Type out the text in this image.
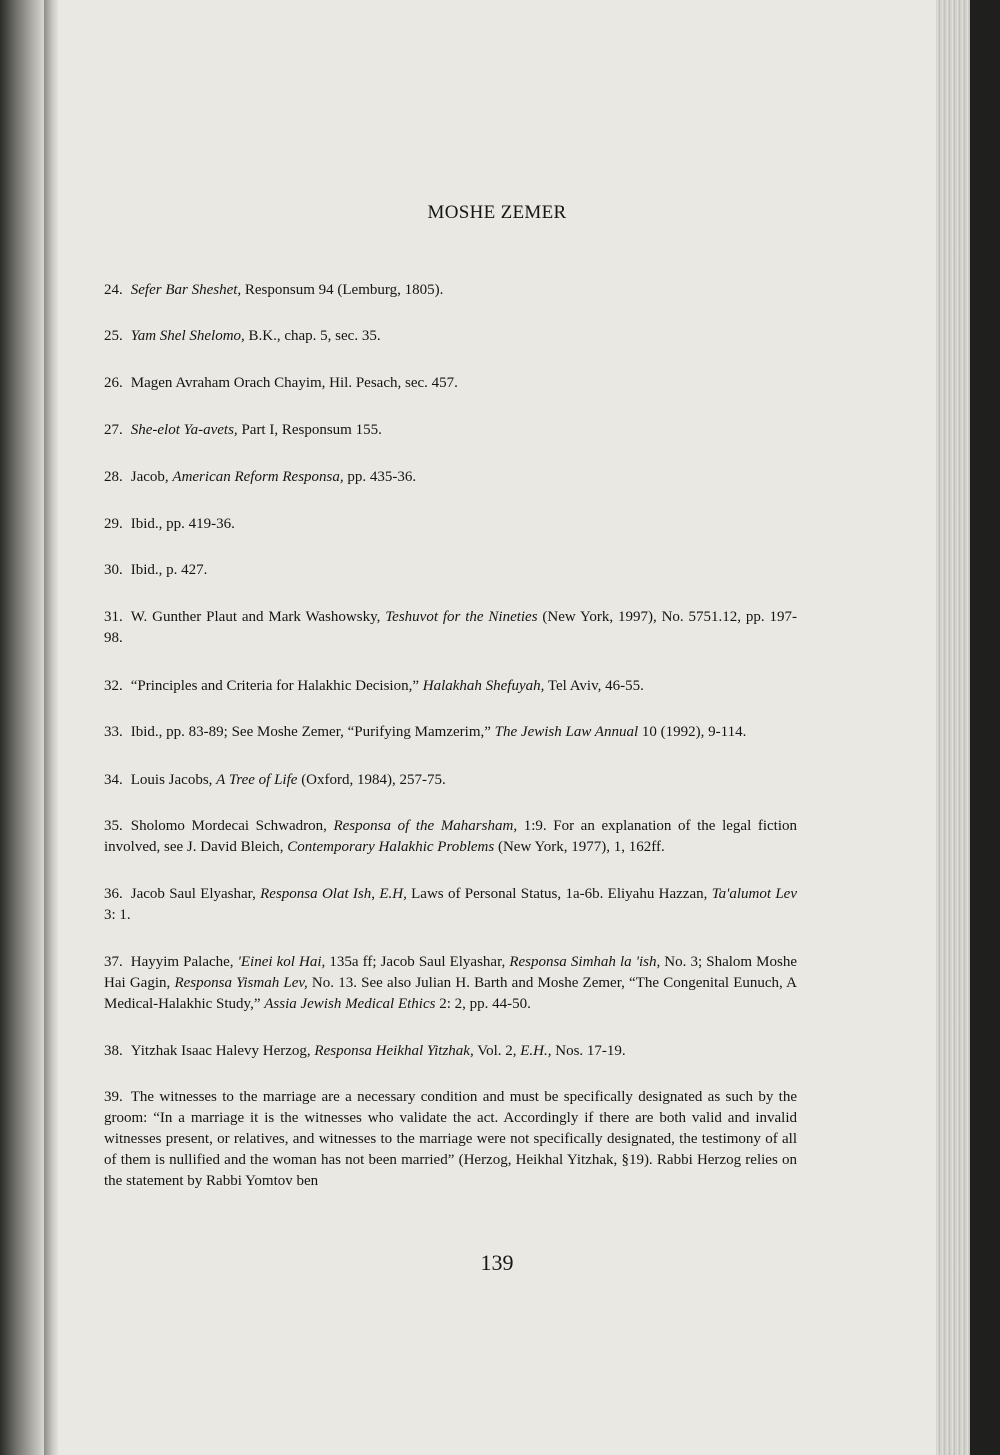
MOSHE ZEMER

24. Sefer Bar Sheshet, Responsum 94 (Lemburg, 1805).

25. Yam Shel Shelomo, B.K., chap. 5, sec. 35.

26. Magen Avraham Orach Chayim, Hil. Pesach, sec. 457.

27. She-elot Ya-avets, Part I, Responsum 155.

28. Jacob, American Reform Responsa, pp. 435-36.

29. Ibid., pp. 419-36.

30. Ibid., p. 427.

31. W. Gunther Plaut and Mark Washowsky, Teshuvot for the Nineties (New York, 1997), No. 5751.12, pp. 197-98.

32. “Principles and Criteria for Halakhic Decision,” Halakhah Shefuyah, Tel Aviv, 46-55.

33. Ibid., pp. 83-89; See Moshe Zemer, “Purifying Mamzerim,” The Jewish Law Annual 10 (1992), 9-114.

34. Louis Jacobs, A Tree of Life (Oxford, 1984), 257-75.

35. Sholomo Mordecai Schwadron, Responsa of the Maharsham, 1:9. For an explanation of the legal fiction involved, see J. David Bleich, Contemporary Halakhic Problems (New York, 1977), 1, 162ff.

36. Jacob Saul Elyashar, Responsa Olat Ish, E.H, Laws of Personal Status, 1a-6b. Eliyahu Hazzan, Ta'alumot Lev 3: 1.

37. Hayyim Palache, 'Einei kol Hai, 135a ff; Jacob Saul Elyashar, Responsa Simhah la 'ish, No. 3; Shalom Moshe Hai Gagin, Responsa Yismah Lev, No. 13. See also Julian H. Barth and Moshe Zemer, “The Congenital Eunuch, A Medical-Halakhic Study,” Assia Jewish Medical Ethics 2: 2, pp. 44-50.

38. Yitzhak Isaac Halevy Herzog, Responsa Heikhal Yitzhak, Vol. 2, E.H., Nos. 17-19.

39. The witnesses to the marriage are a necessary condition and must be specifically designated as such by the groom: “In a marriage it is the witnesses who validate the act. Accordingly if there are both valid and invalid witnesses present, or relatives, and witnesses to the marriage were not specifically designated, the testimony of all of them is nullified and the woman has not been married” (Herzog, Heikhal Yitzhak, §19). Rabbi Herzog relies on the statement by Rabbi Yomtov ben

139
